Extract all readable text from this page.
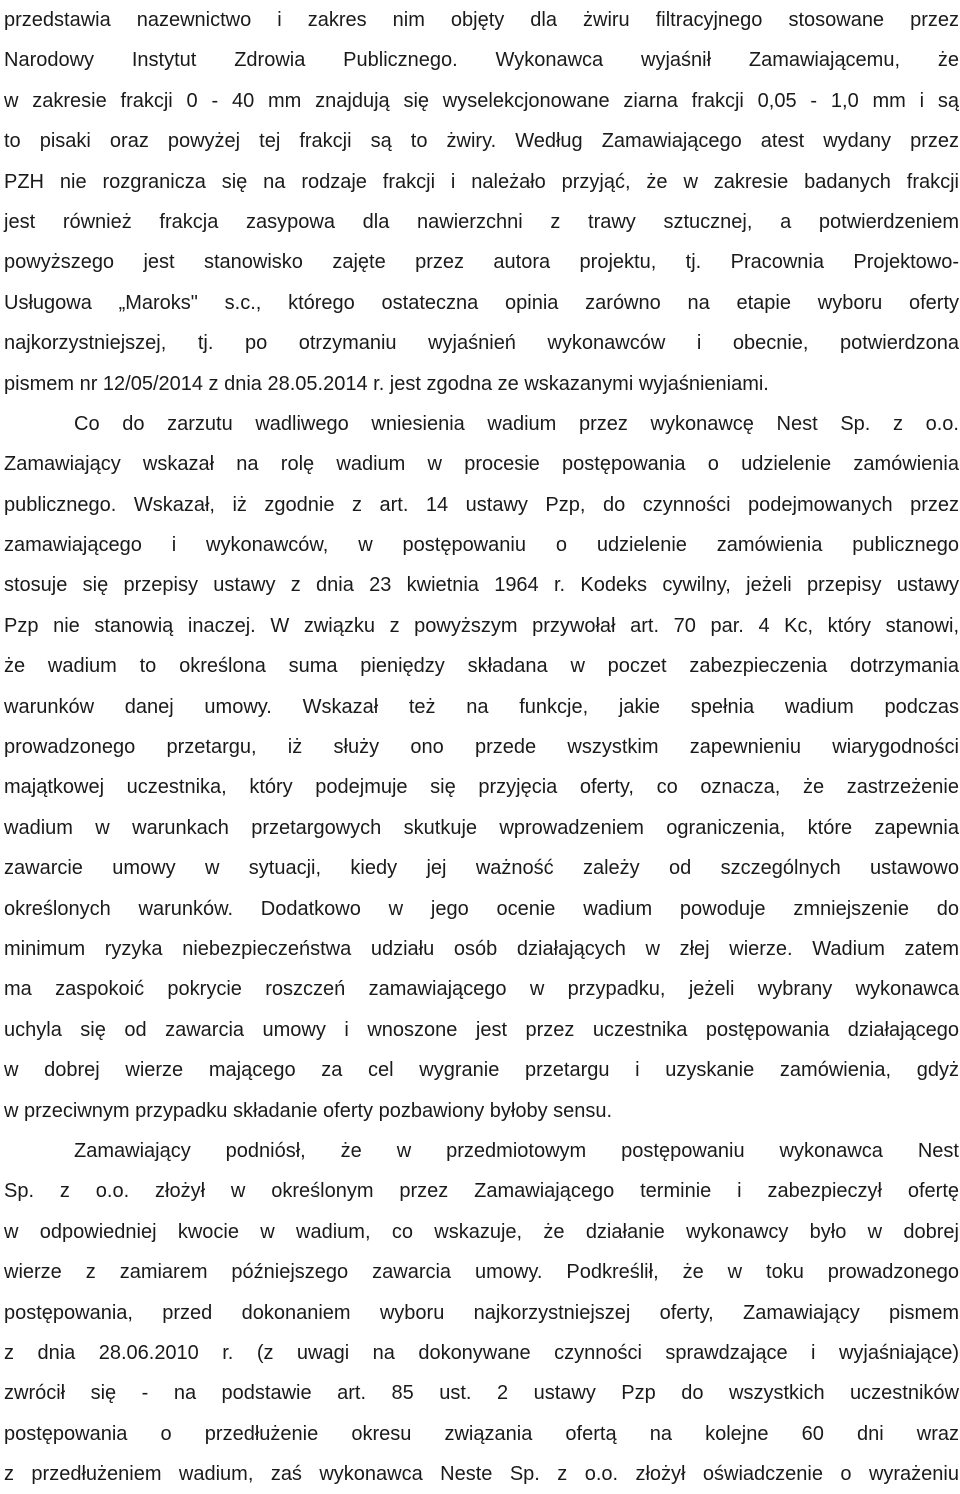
przedstawia nazewnictwo i zakres nim objęty dla żwiru filtracyjnego stosowane przez
Narodowy Instytut Zdrowia Publicznego. Wykonawca wyjaśnił Zamawiającemu, że
w zakresie frakcji 0 - 40 mm znajdują się wyselekcjonowane ziarna frakcji 0,05 - 1,0 mm i są
to pisaki oraz powyżej tej frakcji są to żwiry. Według Zamawiającego atest wydany przez
PZH nie rozgranicza się na rodzaje frakcji i należało przyjąć, że w zakresie badanych frakcji
jest również frakcja zasypowa dla nawierzchni z trawy sztucznej, a potwierdzeniem
powyższego jest stanowisko zajęte przez autora projektu, tj. Pracownia Projektowo-
Usługowa „Maroks" s.c., którego ostateczna opinia zarówno na etapie wyboru oferty
najkorzystniejszej, tj. po otrzymaniu wyjaśnień wykonawców i obecnie, potwierdzona
pismem nr 12/05/2014 z dnia 28.05.2014 r. jest zgodna ze wskazanymi wyjaśnieniami.
Co do zarzutu wadliwego wniesienia wadium przez wykonawcę Nest Sp. z o.o.
Zamawiający wskazał na rolę wadium w procesie postępowania o udzielenie zamówienia
publicznego. Wskazał, iż zgodnie z art. 14 ustawy Pzp, do czynności podejmowanych przez
zamawiającego i wykonawców, w postępowaniu o udzielenie zamówienia publicznego
stosuje się przepisy ustawy z dnia 23 kwietnia 1964 r. Kodeks cywilny, jeżeli przepisy ustawy
Pzp nie stanowią inaczej. W związku z powyższym przywołał art. 70 par. 4 Kc, który stanowi,
że wadium to określona suma pieniędzy składana w poczet zabezpieczenia dotrzymania
warunków danej umowy. Wskazał też na funkcje, jakie spełnia wadium podczas
prowadzonego przetargu, iż służy ono przede wszystkim zapewnieniu wiarygodności
majątkowej uczestnika, który podejmuje się przyjęcia oferty, co oznacza, że zastrzeżenie
wadium w warunkach przetargowych skutkuje wprowadzeniem ograniczenia, które zapewnia
zawarcie umowy w sytuacji, kiedy jej ważność zależy od szczególnych ustawowo
określonych warunków. Dodatkowo w jego ocenie wadium powoduje zmniejszenie do
minimum ryzyka niebezpieczeństwa udziału osób działających w złej wierze. Wadium zatem
ma zaspokoić pokrycie roszczeń zamawiającego w przypadku, jeżeli wybrany wykonawca
uchyla się od zawarcia umowy i wnoszone jest przez uczestnika postępowania działającego
w dobrej wierze mającego za cel wygranie przetargu i uzyskanie zamówienia, gdyż
w przeciwnym przypadku składanie oferty pozbawiony byłoby sensu.
Zamawiający podniósł, że w przedmiotowym postępowaniu wykonawca Nest
Sp. z o.o. złożył w określonym przez Zamawiającego terminie i zabezpieczył ofertę
w odpowiedniej kwocie w wadium, co wskazuje, że działanie wykonawcy było w dobrej
wierze z zamiarem późniejszego zawarcia umowy. Podkreślił, że w toku prowadzonego
postępowania, przed dokonaniem wyboru najkorzystniejszej oferty, Zamawiający pismem
z dnia 28.06.2010 r. (z uwagi na dokonywane czynności sprawdzające i wyjaśniające)
zwrócił się - na podstawie art. 85 ust. 2 ustawy Pzp do wszystkich uczestników
postępowania o przedłużenie okresu związania ofertą na kolejne 60 dni wraz
z przedłużeniem wadium, zaś wykonawca Neste Sp. z o.o. złożył oświadczenie o wyrażeniu
